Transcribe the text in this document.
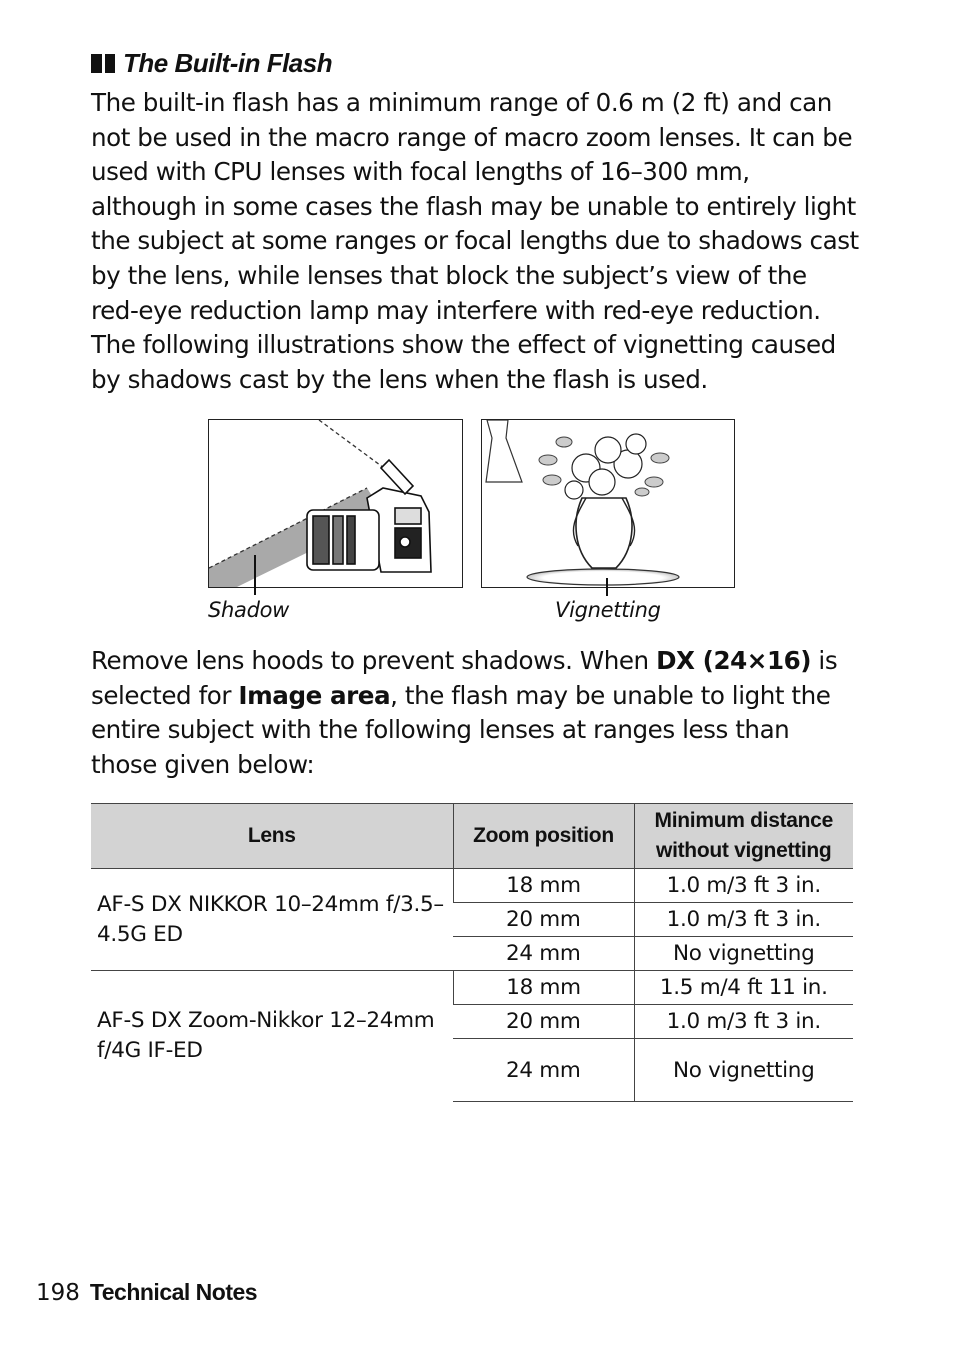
The Built-in Flash
The built-in flash has a minimum range of 0.6 m (2 ft) and can not be used in the macro range of macro zoom lenses. It can be used with CPU lenses with focal lengths of 16–300 mm, although in some cases the flash may be unable to entirely light the subject at some ranges or focal lengths due to shadows cast by the lens, while lenses that block the subject’s view of the red-eye reduction lamp may interfere with red-eye reduction. The following illustrations show the effect of vignetting caused by shadows cast by the lens when the flash is used.
Shadow	Vignetting
Remove lens hoods to prevent shadows. When DX (24×16) is selected for Image area, the flash may be unable to light the entire subject with the following lenses at ranges less than those given below:
Lens	Zoom position	Minimum distance without vignetting
AF-S DX NIKKOR 10–24mm f/3.5–4.5G ED	18 mm	1.0 m/3 ft 3 in.
	20 mm	1.0 m/3 ft 3 in.
	24 mm	No vignetting
AF-S DX Zoom-Nikkor 12–24mm f/4G IF-ED	18 mm	1.5 m/4 ft 11 in.
	20 mm	1.0 m/3 ft 3 in.
	24 mm	No vignetting
198 Technical Notes
